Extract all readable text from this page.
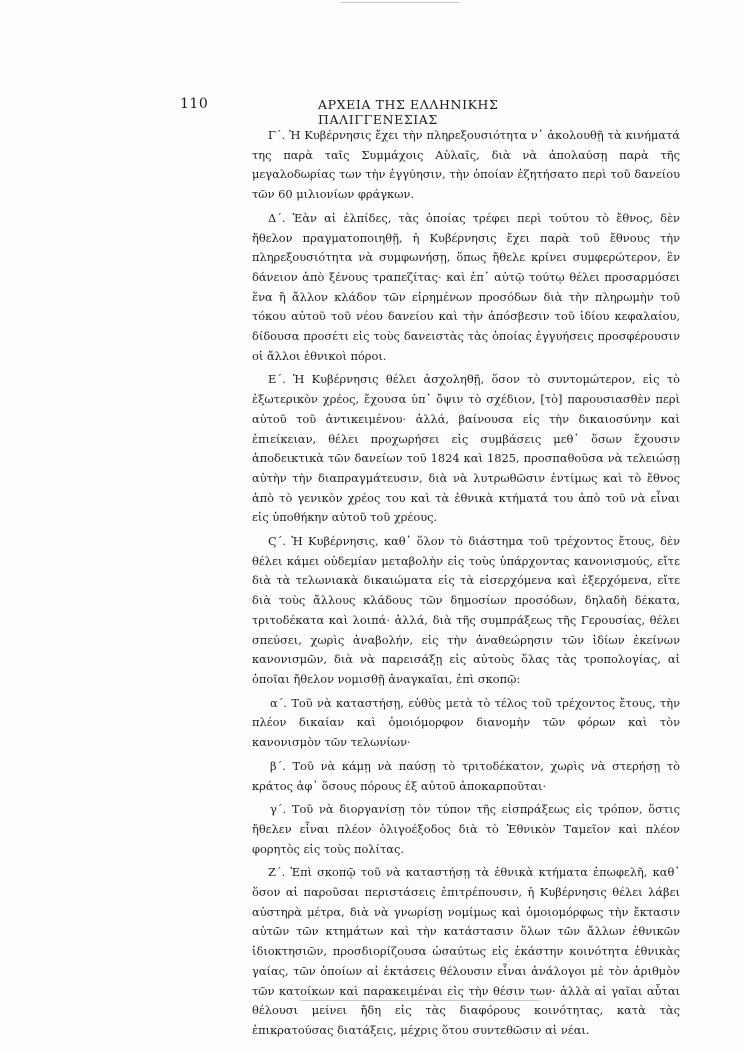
110	ΑΡΧΕΙΑ ΤΗΣ ΕΛΛΗΝΙΚΗΣ ΠΑΛΙΓΓΕΝΕΣΙΑΣ

Γ΄. Ἡ Κυβέρνησις ἔχει τὴν πληρεξουσιότητα ν᾽ ἀκολουθῇ τὰ κινήματά της παρὰ ταῖς Συμμάχοις Αὐλαῖς, διὰ νὰ ἀπολαύσῃ παρὰ τῆς μεγαλοδωρίας των τὴν ἐγγύησιν, τὴν ὁποίαν ἐζητήσατο περὶ τοῦ δανείου τῶν 60 μιλιονίων φράγκων.

Δ΄. Ἐὰν αἱ ἐλπίδες, τὰς ὁποίας τρέφει περὶ τούτου τὸ ἔθνος, δὲν ἤθελον πραγματοποιηθῇ, ἡ Κυβέρνησις ἔχει παρὰ τοῦ ἔθνους τὴν πληρεξουσιότητα νὰ συμφωνήσῃ, ὅπως ἤθελε κρίνει συμφερώτερον, ἓν δάνειον ἀπὸ ξένους τραπεζίτας· καὶ ἐπ᾽ αὐτῷ τούτῳ θέλει προσαρμόσει ἕνα ἢ ἄλλον κλάδον τῶν εἰρημένων προσόδων διὰ τὴν πληρωμὴν τοῦ τόκου αὐτοῦ τοῦ νέου δανείου καὶ τὴν ἀπόσβεσιν τοῦ ἰδίου κεφαλαίου, δίδουσα προσέτι εἰς τοὺς δανειστὰς τὰς ὁποίας ἐγγυήσεις προσφέρουσιν οἱ ἄλλοι ἐθνικοὶ πόροι.

Ε΄. Ἡ Κυβέρνησις θέλει ἀσχοληθῇ, ὅσον τὸ συντομώτερον, εἰς τὸ ἐξωτερικὸν χρέος, ἔχουσα ὑπ᾽ ὄψιν τὸ σχέδιον, [τὸ] παρουσιασθὲν περὶ αὐτοῦ τοῦ ἀντικειμένου· ἀλλά, βαίνουσα εἰς τὴν δικαιοσύνην καὶ ἐπιείκειαν, θέλει προχωρήσει εἰς συμβάσεις μεθ᾽ ὅσων ἔχουσιν ἀποδεικτικὰ τῶν δανείων τοῦ 1824 καὶ 1825, προσπαθοῦσα νὰ τελειώσῃ αὐτὴν τὴν διαπραγμάτευσιν, διὰ νὰ λυτρωθῶσιν ἐντίμως καὶ τὸ ἔθνος ἀπὸ τὸ γενικὸν χρέος του καὶ τὰ ἐθνικὰ κτήματά του ἀπὸ τοῦ νὰ εἶναι εἰς ὑποθήκην αὐτοῦ τοῦ χρέους.

Ϛ΄. Ἡ Κυβέρνησις, καθ᾽ ὅλον τὸ διάστημα τοῦ τρέχοντος ἔτους, δὲν θέλει κάμει οὐδεμίαν μεταβολὴν εἰς τοὺς ὑπάρχοντας κανονισμούς, εἴτε διὰ τὰ τελωνιακὰ δικαιώματα εἰς τὰ εἰσερχόμενα καὶ ἐξερχόμενα, εἴτε διὰ τοὺς ἄλλους κλάδους τῶν δημοσίων προσόδων, δηλαδὴ δέκατα, τριτοδέκατα καὶ λοιπά· ἀλλά, διὰ τῆς συμπράξεως τῆς Γερουσίας, θέλει σπεύσει, χωρὶς ἀναβολήν, εἰς τὴν ἀναθεώρησιν τῶν ἰδίων ἐκείνων κανονισμῶν, διὰ νὰ παρεισάξῃ εἰς αὐτοὺς ὅλας τὰς τροπολογίας, αἱ ὁποῖαι ἤθελον νομισθῇ ἀναγκαῖαι, ἐπὶ σκοπῷ:

α΄. Τοῦ νὰ καταστήσῃ, εὐθὺς μετὰ τὸ τέλος τοῦ τρέχοντος ἔτους, τὴν πλέον δικαίαν καὶ ὁμοιόμορφον διανομὴν τῶν φόρων καὶ τὸν κανονισμὸν τῶν τελωνίων·

β΄. Τοῦ νὰ κάμῃ νὰ παύσῃ τὸ τριτοδέκατον, χωρὶς νὰ στερήσῃ τὸ κράτος ἀφ᾽ ὅσους πόρους ἐξ αὐτοῦ ἀποκαρποῦται·

γ΄. Τοῦ νὰ διοργανίσῃ τὸν τύπον τῆς εἰσπράξεως εἰς τρόπον, ὅστις ἤθελεν εἶναι πλέον ὀλιγοέξοδος διὰ τὸ Ἐθνικὸν Ταμεῖον καὶ πλέον φορητὸς εἰς τοὺς πολίτας.

Ζ΄. Ἐπὶ σκοπῷ τοῦ νὰ καταστήσῃ τὰ ἐθνικὰ κτήματα ἐπωφελῆ, καθ᾽ ὅσον αἱ παροῦσαι περιστάσεις ἐπιτρέπουσιν, ἡ Κυβέρνησις θέλει λάβει αὐστηρὰ μέτρα, διὰ νὰ γνωρίσῃ νομίμως καὶ ὁμοιομόρφως τὴν ἔκτασιν αὐτῶν τῶν κτημάτων καὶ τὴν κατάστασιν ὅλων τῶν ἄλλων ἐθνικῶν ἰδιοκτησιῶν, προσδιορίζουσα ὡσαύτως εἰς ἑκάστην κοινότητα ἐθνικὰς γαίας, τῶν ὁποίων αἱ ἐκτάσεις θέλουσιν εἶναι ἀνάλογοι μὲ τὸν ἀριθμὸν τῶν κατοίκων καὶ παρακειμέναι εἰς τὴν θέσιν των· ἀλλὰ αἱ γαῖαι αὗται θέλουσι μείνει ἤδη εἰς τὰς διαφόρους κοινότητας, κατὰ τὰς ἐπικρατούσας διατάξεις, μέχρις ὅτου συντεθῶσιν αἱ νέαι.
